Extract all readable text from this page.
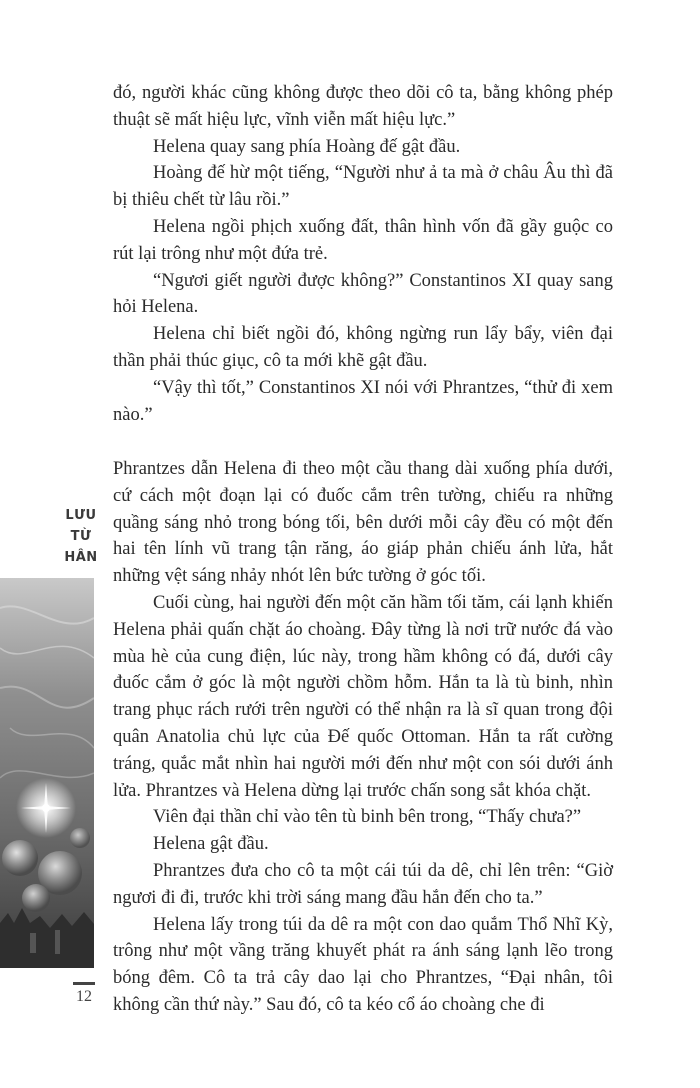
đó, người khác cũng không được theo dõi cô ta, bằng không phép thuật sẽ mất hiệu lực, vĩnh viễn mất hiệu lực.”

Helena quay sang phía Hoàng đế gật đầu.

Hoàng đế hừ một tiếng, “Người như ả ta mà ở châu Âu thì đã bị thiêu chết từ lâu rồi.”

Helena ngồi phịch xuống đất, thân hình vốn đã gầy guộc co rút lại trông như một đứa trẻ.

“Ngươi giết người được không?” Constantinos XI quay sang hỏi Helena.

Helena chỉ biết ngồi đó, không ngừng run lẩy bẩy, viên đại thần phải thúc giục, cô ta mới khẽ gật đầu.

“Vậy thì tốt,” Constantinos XI nói với Phrantzes, “thử đi xem nào.”

Phrantzes dẫn Helena đi theo một cầu thang dài xuống phía dưới, cứ cách một đoạn lại có đuốc cắm trên tường, chiếu ra những quầng sáng nhỏ trong bóng tối, bên dưới mỗi cây đều có một đến hai tên lính vũ trang tận răng, áo giáp phản chiếu ánh lửa, hắt những vệt sáng nhảy nhót lên bức tường ở góc tối.

Cuối cùng, hai người đến một căn hầm tối tăm, cái lạnh khiến Helena phải quấn chặt áo choàng. Đây từng là nơi trữ nước đá vào mùa hè của cung điện, lúc này, trong hầm không có đá, dưới cây đuốc cắm ở góc là một người chồm hỗm. Hắn ta là tù binh, nhìn trang phục rách rưới trên người có thể nhận ra là sĩ quan trong đội quân Anatolia chủ lực của Đế quốc Ottoman. Hắn ta rất cường tráng, quắc mắt nhìn hai người mới đến như một con sói dưới ánh lửa. Phrantzes và Helena dừng lại trước chấn song sắt khóa chặt.

Viên đại thần chỉ vào tên tù binh bên trong, “Thấy chưa?”

Helena gật đầu.

Phrantzes đưa cho cô ta một cái túi da dê, chỉ lên trên: “Giờ ngươi đi đi, trước khi trời sáng mang đầu hắn đến cho ta.”

Helena lấy trong túi da dê ra một con dao quắm Thổ Nhĩ Kỳ, trông như một vầng trăng khuyết phát ra ánh sáng lạnh lẽo trong bóng đêm. Cô ta trả cây dao lại cho Phrantzes, “Đại nhân, tôi không cần thứ này.” Sau đó, cô ta kéo cổ áo choàng che đi

LƯU
TỪ
HÂN
12
